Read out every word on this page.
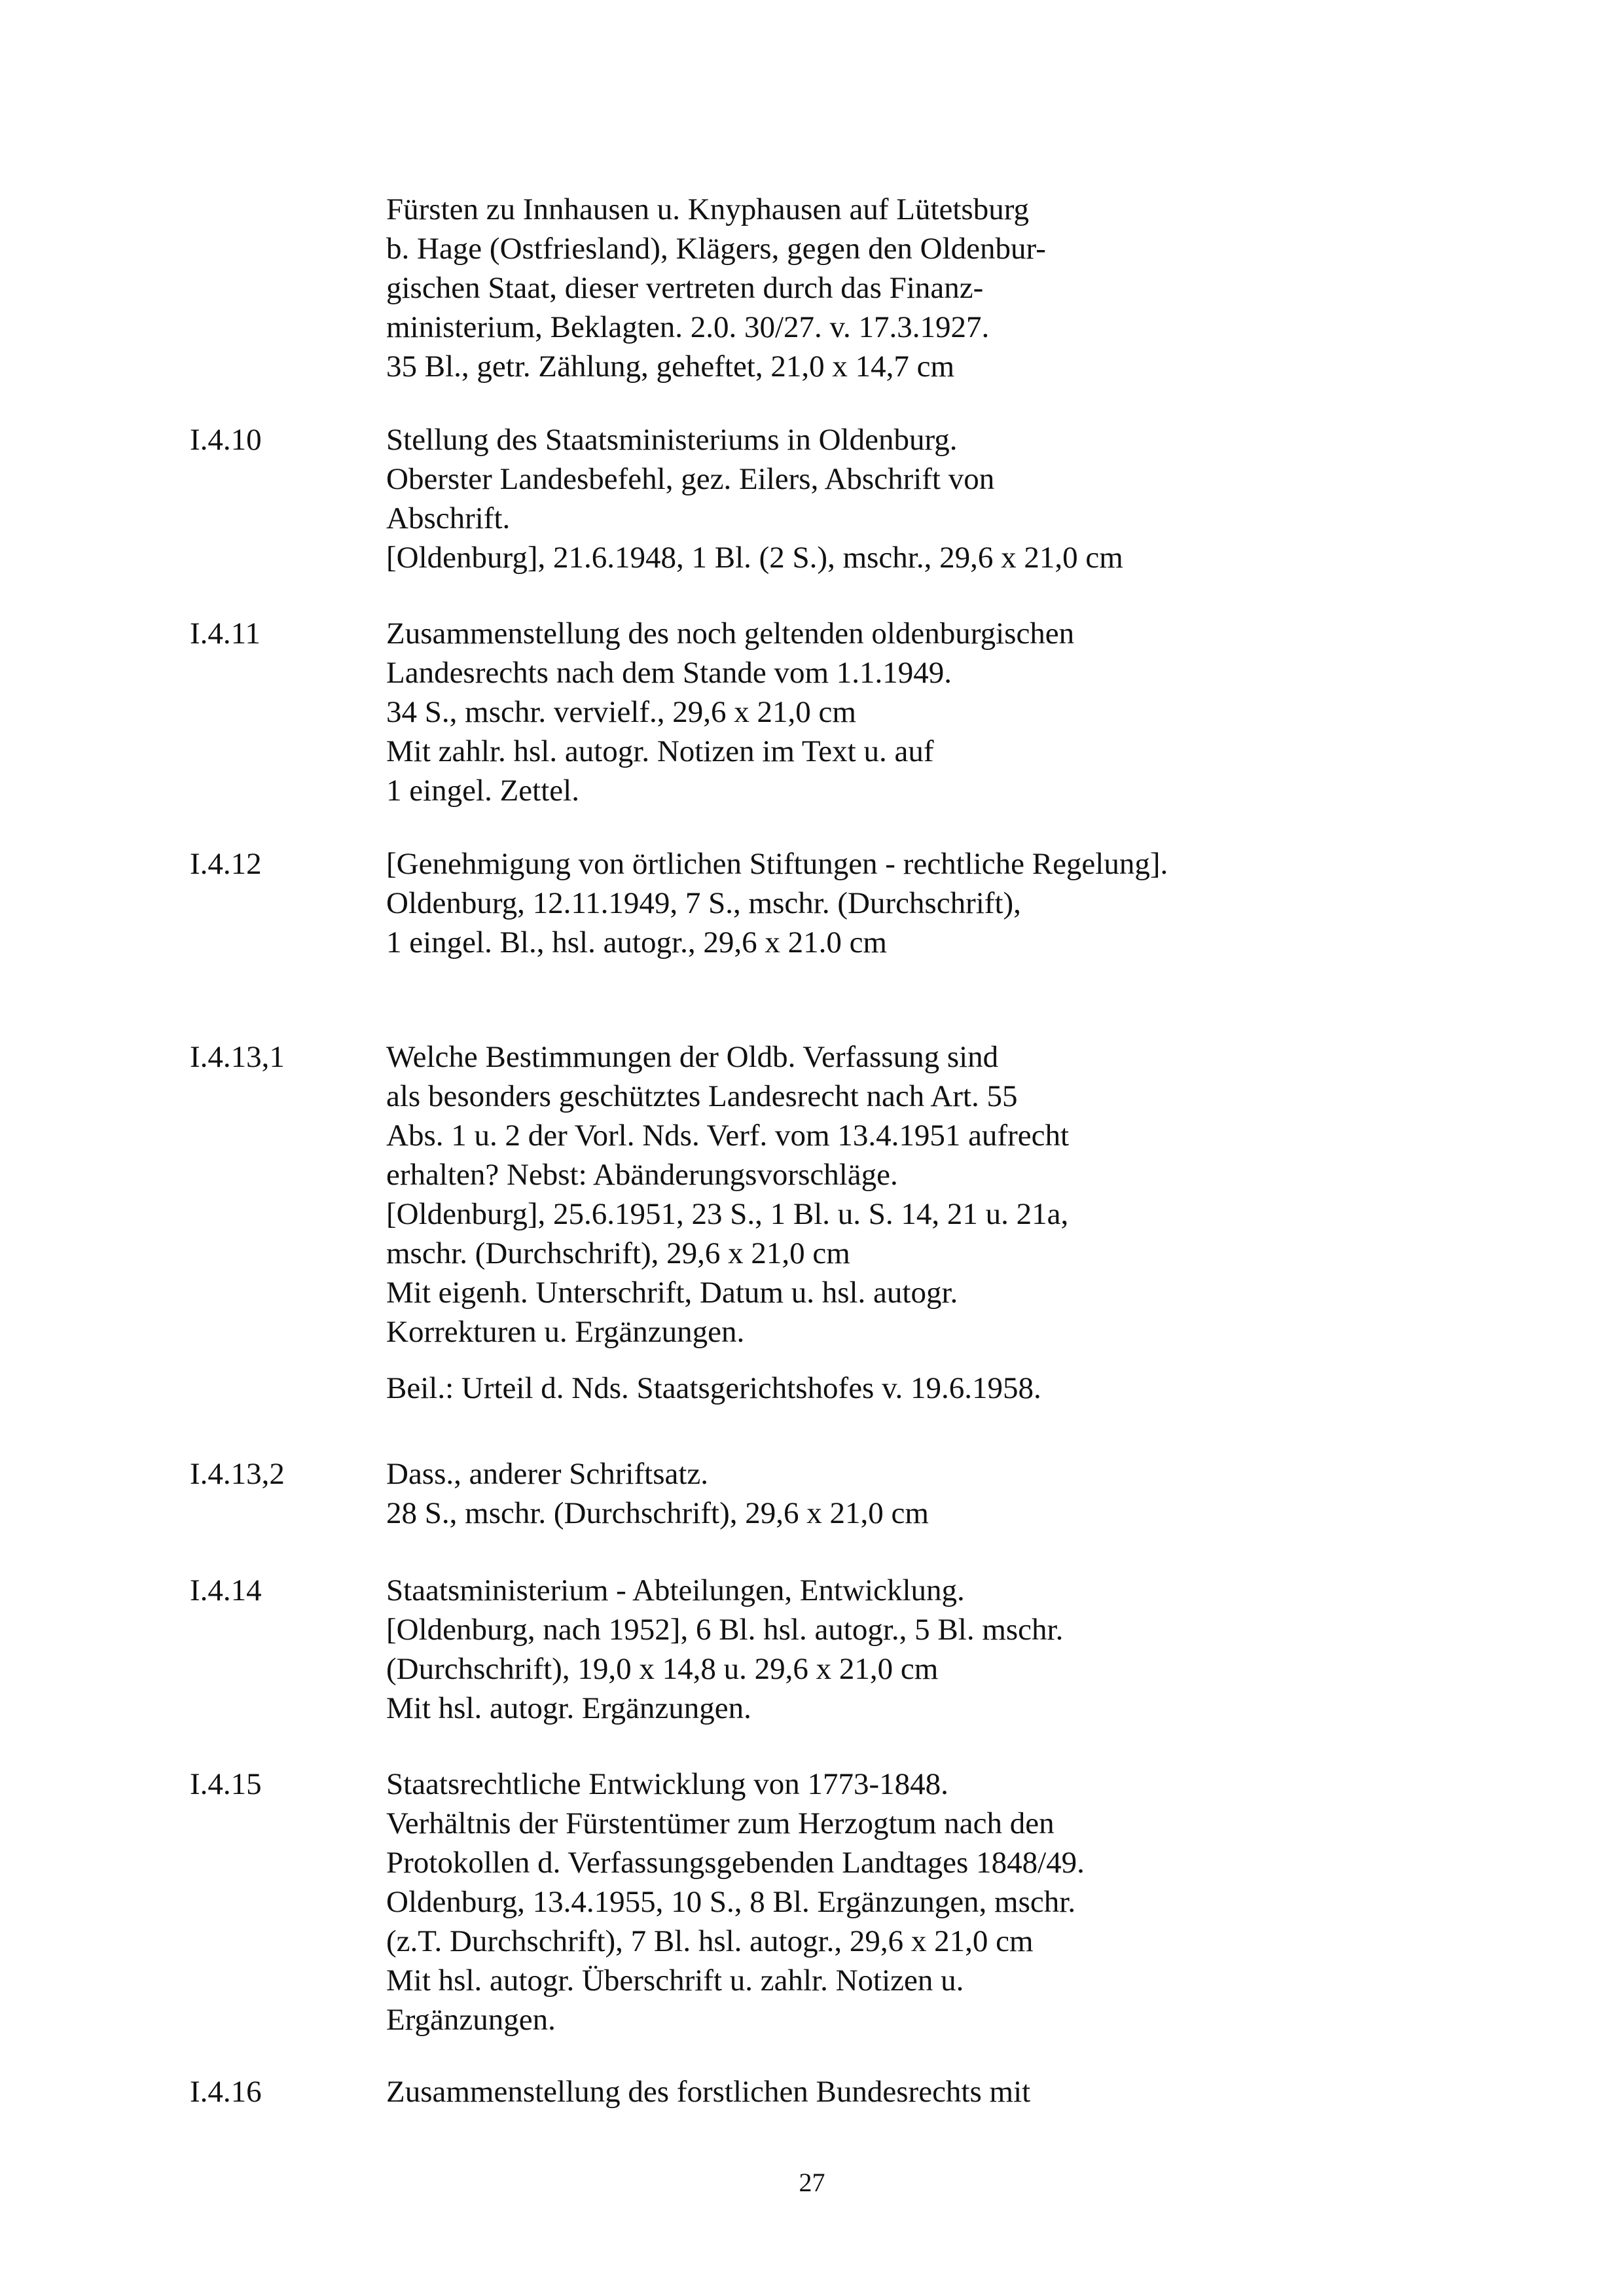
Fürsten zu Innhausen u. Knyphausen auf Lütetsburg
b. Hage (Ostfriesland), Klägers, gegen den Oldenbur-
gischen Staat, dieser vertreten durch das Finanz-
ministerium, Beklagten. 2.0. 30/27. v. 17.3.1927.
35 Bl., getr. Zählung, geheftet, 21,0 x 14,7 cm
I.4.10	Stellung des Staatsministeriums in Oldenburg.
Oberster Landesbefehl, gez. Eilers, Abschrift von
Abschrift.
[Oldenburg], 21.6.1948, 1 Bl. (2 S.), mschr., 29,6 x 21,0 cm
I.4.11	Zusammenstellung des noch geltenden oldenburgischen
Landesrechts nach dem Stande vom 1.1.1949.
34 S., mschr. vervielf., 29,6 x 21,0 cm
Mit zahlr. hsl. autogr. Notizen im Text u. auf
1 eingel. Zettel.
I.4.12	[Genehmigung von örtlichen Stiftungen - rechtliche Regelung].
Oldenburg, 12.11.1949, 7 S., mschr. (Durchschrift),
1 eingel. Bl., hsl. autogr., 29,6 x 21.0 cm
I.4.13,1	Welche Bestimmungen der Oldb. Verfassung sind
als besonders geschütztes Landesrecht nach Art. 55
Abs. 1 u. 2 der Vorl. Nds. Verf. vom 13.4.1951 aufrecht
erhalten? Nebst: Abänderungsvorschläge.
[Oldenburg], 25.6.1951, 23 S., 1 Bl. u. S. 14, 21 u. 21a,
mschr. (Durchschrift), 29,6 x 21,0 cm
Mit eigenh. Unterschrift, Datum u. hsl. autogr.
Korrekturen u. Ergänzungen.
Beil.: Urteil d. Nds. Staatsgerichtshofes v. 19.6.1958.
I.4.13,2	Dass., anderer Schriftsatz.
28 S., mschr. (Durchschrift), 29,6 x 21,0 cm
I.4.14	Staatsministerium - Abteilungen, Entwicklung.
[Oldenburg, nach 1952], 6 Bl. hsl. autogr., 5 Bl. mschr.
(Durchschrift), 19,0 x 14,8 u. 29,6 x 21,0 cm
Mit hsl. autogr. Ergänzungen.
I.4.15	Staatsrechtliche Entwicklung von 1773-1848.
Verhältnis der Fürstentümer zum Herzogtum nach den
Protokollen d. Verfassungsgebenden Landtages 1848/49.
Oldenburg, 13.4.1955, 10 S., 8 Bl. Ergänzungen, mschr.
(z.T. Durchschrift), 7 Bl. hsl. autogr., 29,6 x 21,0 cm
Mit hsl. autogr. Überschrift u. zahlr. Notizen u.
Ergänzungen.
I.4.16	Zusammenstellung des forstlichen Bundesrechts mit
27
